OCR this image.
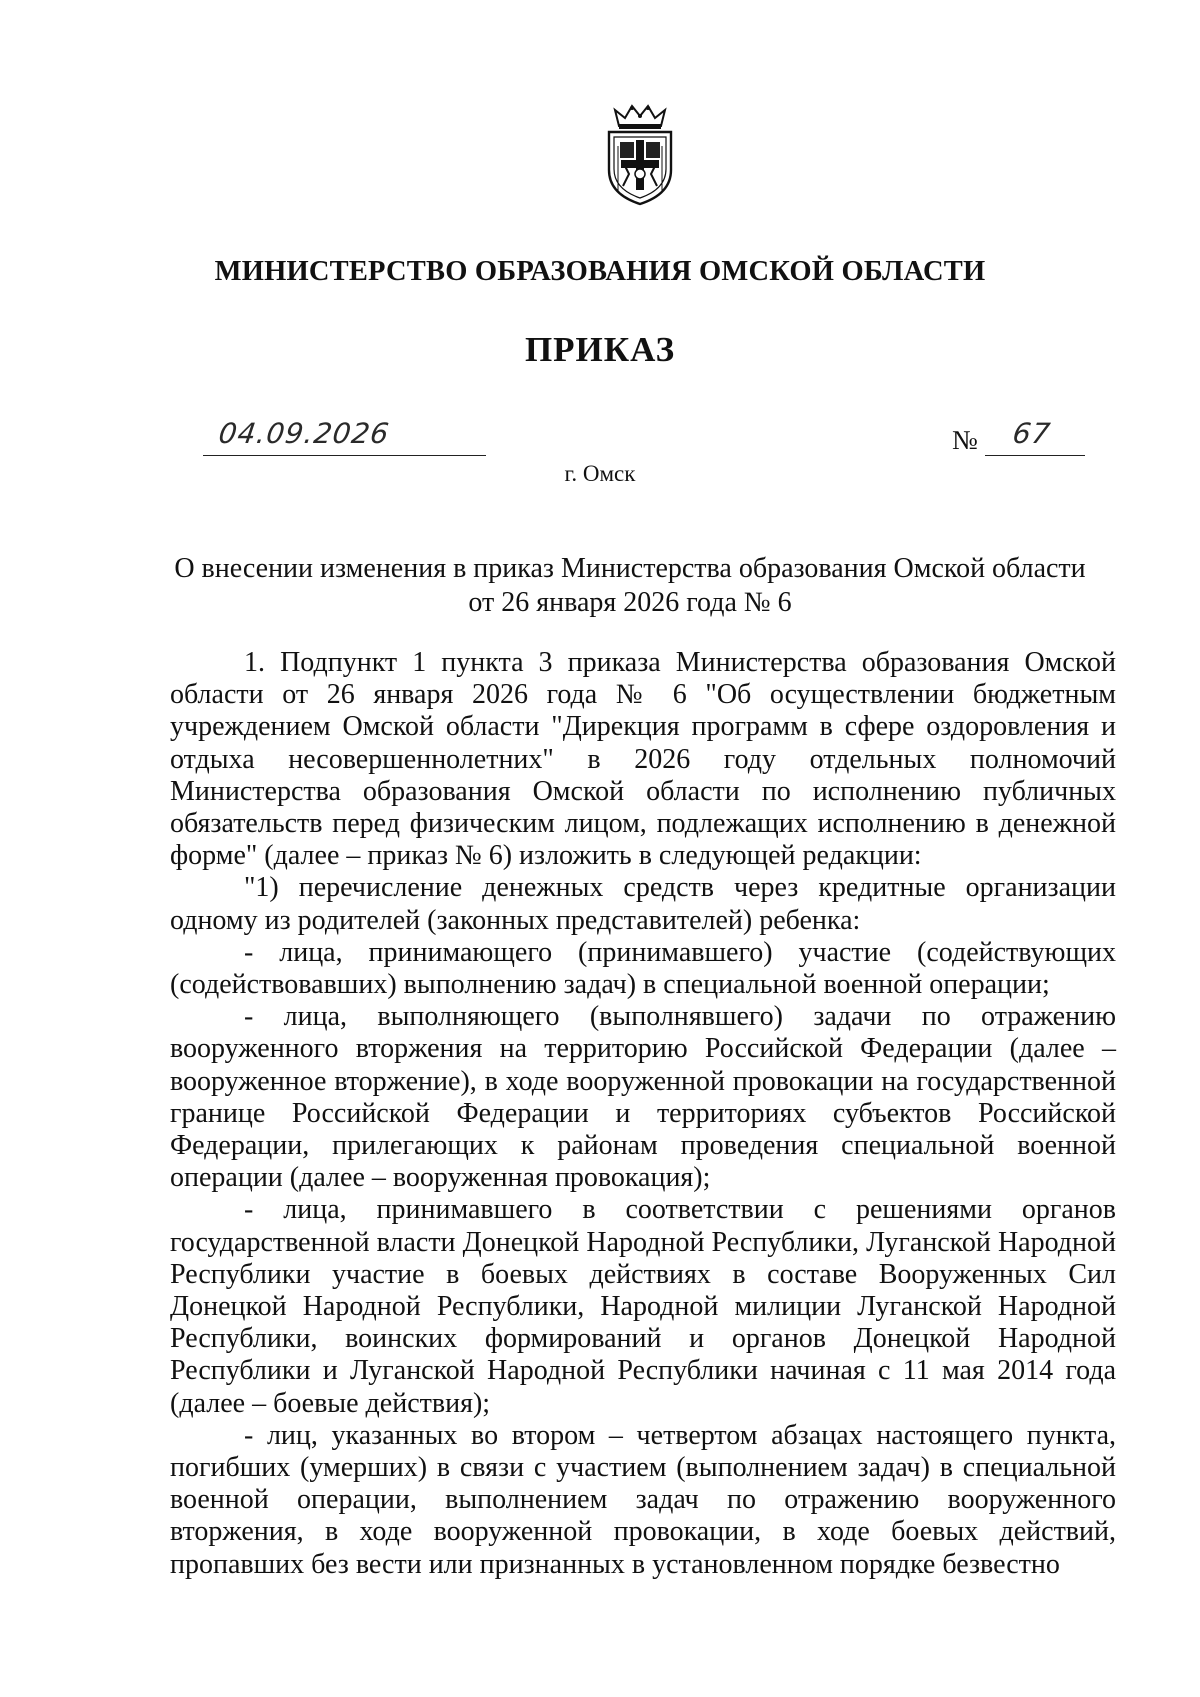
МИНИСТЕРСТВО ОБРАЗОВАНИЯ ОМСКОЙ ОБЛАСТИ
ПРИКАЗ
04.09.2026	№ 67
г. Омск
О внесении изменения в приказ Министерства образования Омской области
от 26 января 2026 года № 6

1. Подпункт 1 пункта 3 приказа Министерства образования Омской области от 26 января 2026 года № 6 "Об осуществлении бюджетным учреждением Омской области "Дирекция программ в сфере оздоровления и отдыха несовершеннолетних" в 2026 году отдельных полномочий Министерства образования Омской области по исполнению публичных обязательств перед физическим лицом, подлежащих исполнению в денежной форме" (далее – приказ № 6) изложить в следующей редакции:

"1) перечисление денежных средств через кредитные организации одному из родителей (законных представителей) ребенка:

- лица, принимающего (принимавшего) участие (содействующих (содействовавших) выполнению задач) в специальной военной операции;

- лица, выполняющего (выполнявшего) задачи по отражению вооруженного вторжения на территорию Российской Федерации (далее – вооруженное вторжение), в ходе вооруженной провокации на государственной границе Российской Федерации и территориях субъектов Российской Федерации, прилегающих к районам проведения специальной военной операции (далее – вооруженная провокация);

- лица, принимавшего в соответствии с решениями органов государственной власти Донецкой Народной Республики, Луганской Народной Республики участие в боевых действиях в составе Вооруженных Сил Донецкой Народной Республики, Народной милиции Луганской Народной Республики, воинских формирований и органов Донецкой Народной Республики и Луганской Народной Республики начиная с 11 мая 2014 года (далее – боевые действия);

- лиц, указанных во втором – четвертом абзацах настоящего пункта, погибших (умерших) в связи с участием (выполнением задач) в специальной военной операции, выполнением задач по отражению вооруженного вторжения, в ходе вооруженной провокации, в ходе боевых действий, пропавших без вести или признанных в установленном порядке безвестно
